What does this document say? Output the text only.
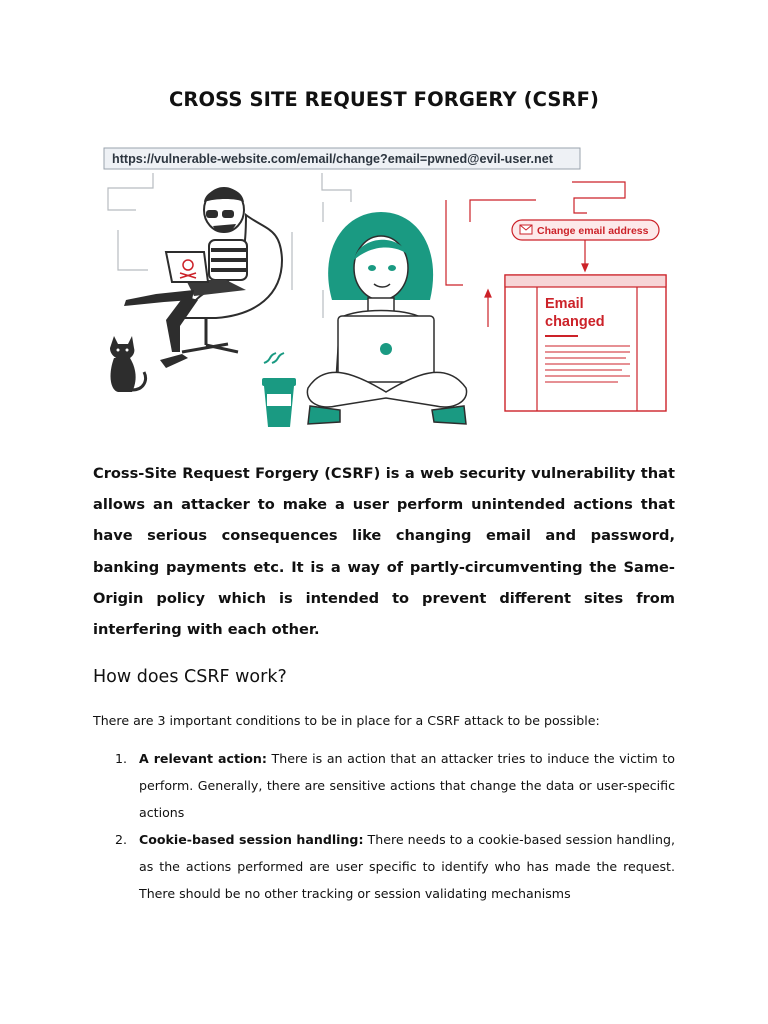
CROSS SITE REQUEST FORGERY (CSRF)
https://vulnerable-website.com/email/change?email=pwned@evil-user.net
Change email address
Email
changed
Cross-Site Request Forgery (CSRF) is a web security vulnerability that allows an attacker to make a user perform unintended actions that have serious consequences like changing email and password, banking payments etc. It is a way of partly-circumventing the Same-Origin policy which is intended to prevent different sites from interfering with each other.
How does CSRF work?
There are 3 important conditions to be in place for a CSRF attack to be possible:
1. A relevant action: There is an action that an attacker tries to induce the victim to perform. Generally, there are sensitive actions that change the data or user-specific actions
2. Cookie-based session handling: There needs to a cookie-based session handling, as the actions performed are user specific to identify who has made the request. There should be no other tracking or session validating mechanisms
